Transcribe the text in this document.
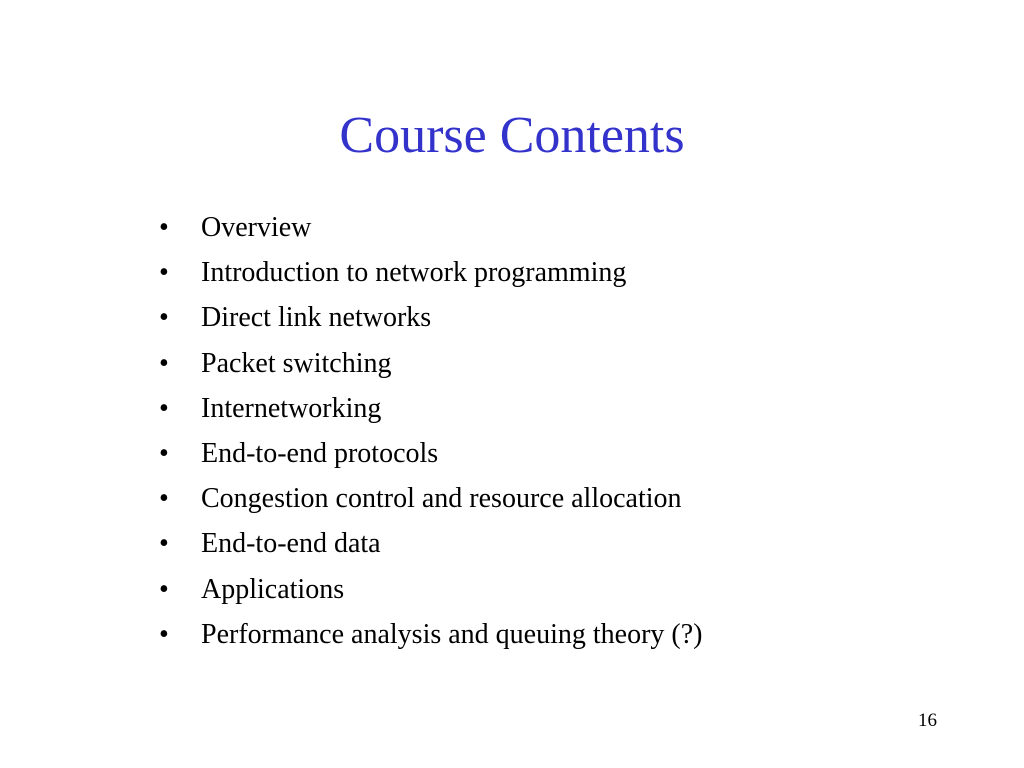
Course Contents
•	Overview
•	Introduction to network programming
•	Direct link networks
•	Packet switching
•	Internetworking
•	End-to-end protocols
•	Congestion control and resource allocation
•	End-to-end data
•	Applications
•	Performance analysis and queuing theory (?)
16
